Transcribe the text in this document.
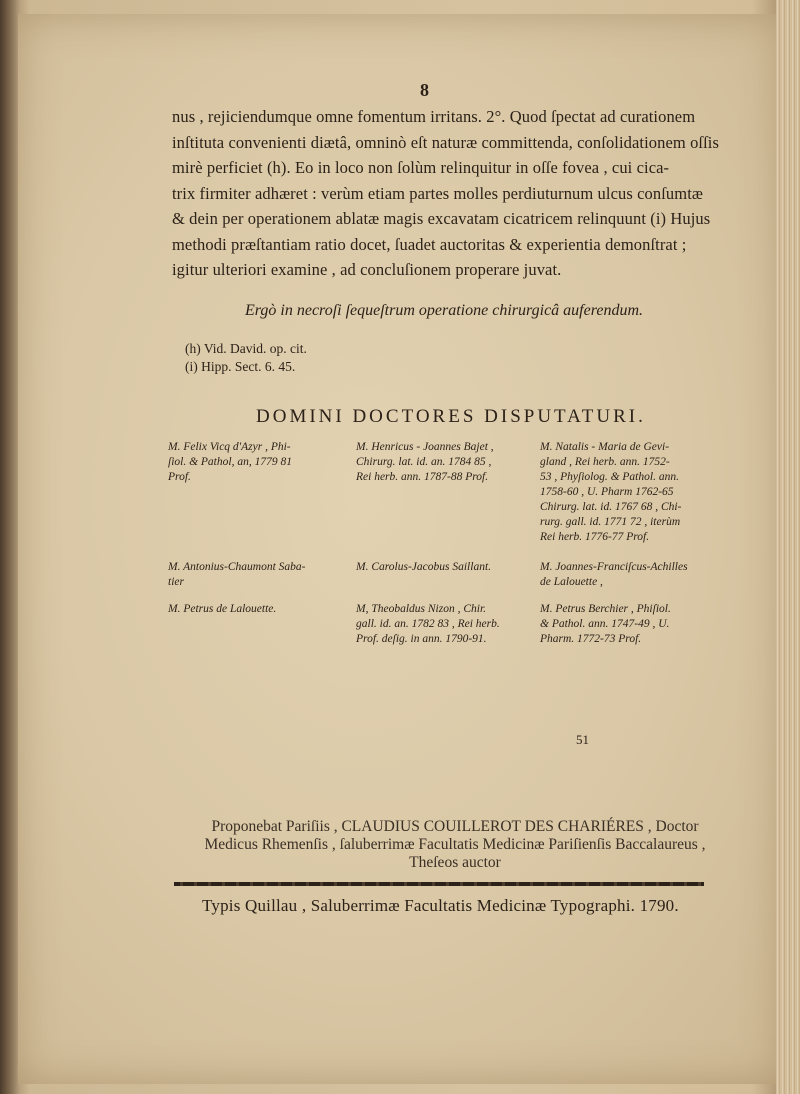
8

nus , rejiciendumque omne fomentum irritans. 2°. Quod ſpectat ad curationem

inſtituta convenienti diætâ, omninò eſt naturæ committenda, conſolidationem oſſis

mirè perficiet (h). Eo in loco non ſolùm relinquitur in oſſe fovea , cui cica-

trix firmiter adhæret : verùm etiam partes molles perdiuturnum ulcus conſumtæ

& dein per operationem ablatæ magis excavatam cicatricem relinquunt (i) Hujus

methodi præſtantiam ratio docet, ſuadet auctoritas & experientia demonſtrat ;

igitur ulteriori examine , ad concluſionem properare juvat.

Ergò in necroſi ſequeſtrum operatione chirurgicâ auferendum.

(h) Vid. David. op. cit.

(i) Hipp. Sect. 6. 45.

DOMINI DOCTORES DISPUTATURI.
M. Felix Vicq d'Azyr , Phi-
ſiol. & Pathol, an, 1779 81
Prof.
M. Henricus - Joannes Bajet ,
Chirurg. lat. id. an. 1784 85 ,
Rei herb. ann. 1787-88 Prof.
M. Natalis - Maria de Gevi-
gland , Rei herb. ann. 1752-
53 , Phyſiolog. & Pathol. ann.
1758-60 , U. Pharm 1762-65
Chirurg. lat. id. 1767 68 , Chi-
rurg. gall. id. 1771 72 , iterùm
Rei herb. 1776-77 Prof.
M. Antonius-Chaumont Saba-
tier
M. Carolus-Jacobus Saillant.	M. Joannes-Franciſcus-Achilles
de Lalouette ,
M. Petrus de Lalouette.	M, Theobaldus Nizon , Chir.
gall. id. an. 1782 83 , Rei herb.
Prof. deſig. in ann. 1790-91.
M. Petrus Berchier , Phiſiol.
& Pathol. ann. 1747-49 , U.
Pharm. 1772-73 Prof.
51

Proponebat Pariſiis , CLAUDIUS COUILLEROT DES CHARIÉRES , Doctor

Medicus Rhemenſis , ſaluberrimæ Facultatis Medicinæ Pariſienſis Baccalaureus ,

Theſeos auctor

Typis Quillau , Saluberrimæ Facultatis Medicinæ Typographi. 1790.
